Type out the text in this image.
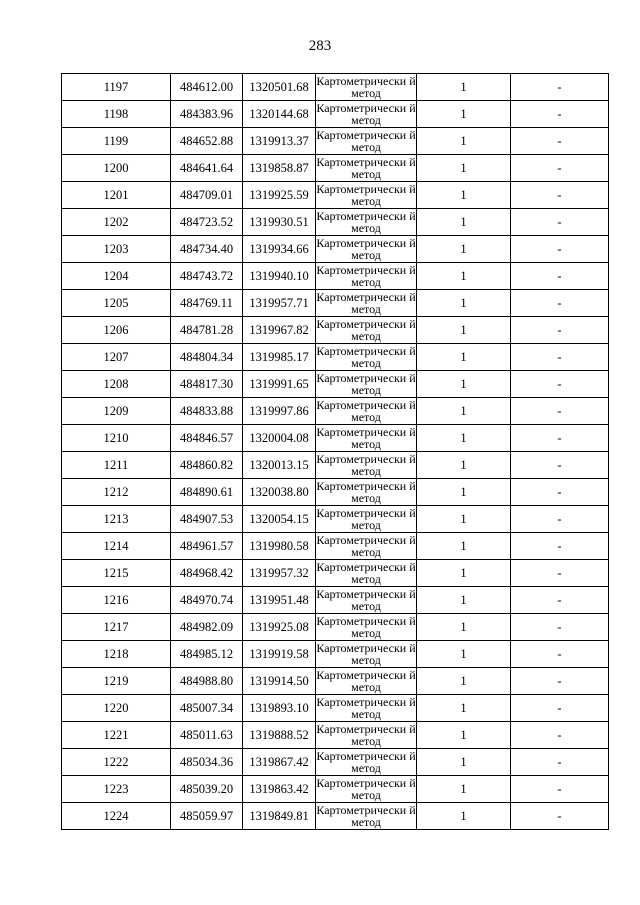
283
1197	484612.00	1320501.68	Картометрически й метод	1	-
1198	484383.96	1320144.68	Картометрически й метод	1	-
1199	484652.88	1319913.37	Картометрически й метод	1	-
1200	484641.64	1319858.87	Картометрически й метод	1	-
1201	484709.01	1319925.59	Картометрически й метод	1	-
1202	484723.52	1319930.51	Картометрически й метод	1	-
1203	484734.40	1319934.66	Картометрически й метод	1	-
1204	484743.72	1319940.10	Картометрически й метод	1	-
1205	484769.11	1319957.71	Картометрически й метод	1	-
1206	484781.28	1319967.82	Картометрически й метод	1	-
1207	484804.34	1319985.17	Картометрически й метод	1	-
1208	484817.30	1319991.65	Картометрически й метод	1	-
1209	484833.88	1319997.86	Картометрически й метод	1	-
1210	484846.57	1320004.08	Картометрически й метод	1	-
1211	484860.82	1320013.15	Картометрически й метод	1	-
1212	484890.61	1320038.80	Картометрически й метод	1	-
1213	484907.53	1320054.15	Картометрически й метод	1	-
1214	484961.57	1319980.58	Картометрически й метод	1	-
1215	484968.42	1319957.32	Картометрически й метод	1	-
1216	484970.74	1319951.48	Картометрически й метод	1	-
1217	484982.09	1319925.08	Картометрически й метод	1	-
1218	484985.12	1319919.58	Картометрически й метод	1	-
1219	484988.80	1319914.50	Картометрически й метод	1	-
1220	485007.34	1319893.10	Картометрически й метод	1	-
1221	485011.63	1319888.52	Картометрически й метод	1	-
1222	485034.36	1319867.42	Картометрически й метод	1	-
1223	485039.20	1319863.42	Картометрически й метод	1	-
1224	485059.97	1319849.81	Картометрически й метод	1	-
